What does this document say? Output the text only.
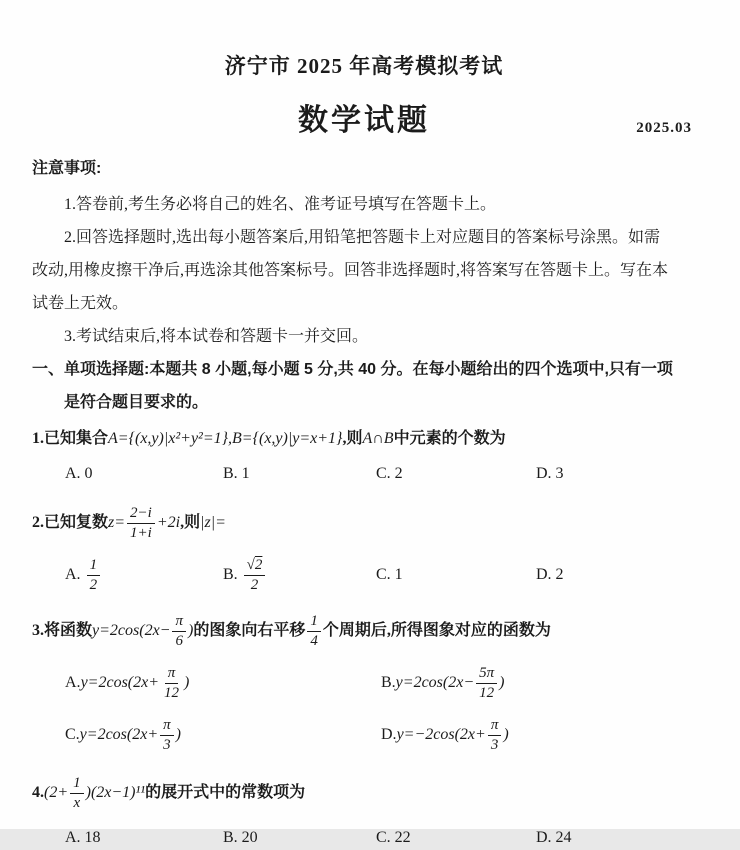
济宁市 2025 年高考模拟考试
数学试题	2025.03
注意事项:
1.答卷前,考生务必将自己的姓名、准考证号填写在答题卡上。
2.回答选择题时,选出每小题答案后,用铅笔把答题卡上对应题目的答案标号涂黑。如需
改动,用橡皮擦干净后,再选涂其他答案标号。回答非选择题时,将答案写在答题卡上。写在本
试卷上无效。
3.考试结束后,将本试卷和答题卡一并交回。
一、单项选择题:本题共 8 小题,每小题 5 分,共 40 分。在每小题给出的四个选项中,只有一项
是符合题目要求的。
1.已知集合 A={(x,y)|x²+y²=1},B={(x,y)|y=x+1} ,则 A∩B 中元素的个数为
A. 0	B. 1	C. 2	D. 3
2.已知复数 $z= \frac{2-i}{1+i} +2i$ ,则 |z|=
A.
$\frac{1}{2}$	B.
$\frac{√2}{2}$	C. 1	D. 2
3.将函数 $y=2\cos(2x- \frac{\pi}{6}$ ) 的图象向右平移 $\frac{1}{4}$ 个周期后,所得图象对应的函数为
A. $y=2\cos(2x+ \frac{\pi}{12}$ )	B. $y=2\cos(2x- \frac{5\pi}{12}$ )
C. $y=2\cos(2x+ \frac{\pi}{3}$ )	D. $y=-2\cos(2x+ \frac{\pi}{3}$ )
4. $(2+ \frac{1}{x} )(2x-1)^{11}$ 的展开式中的常数项为
A. 18	B. 20	C. 22	D. 24
